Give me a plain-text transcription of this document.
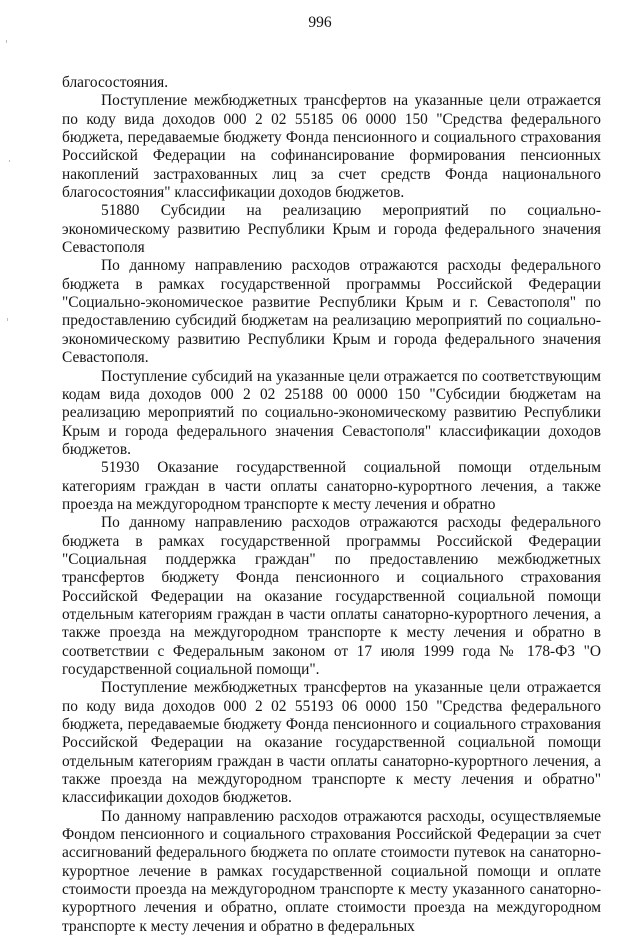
996

благосостояния.

Поступление межбюджетных трансфертов на указанные цели отражается по коду вида доходов 000 2 02 55185 06 0000 150 "Средства федерального бюджета, передаваемые бюджету Фонда пенсионного и социального страхования Российской Федерации на софинансирование формирования пенсионных накоплений застрахованных лиц за счет средств Фонда национального благосостояния" классификации доходов бюджетов.

51880 Субсидии на реализацию мероприятий по социально-экономическому развитию Республики Крым и города федерального значения Севастополя

По данному направлению расходов отражаются расходы федерального бюджета в рамках государственной программы Российской Федерации "Социально-экономическое развитие Республики Крым и г. Севастополя" по предоставлению субсидий бюджетам на реализацию мероприятий по социально-экономическому развитию Республики Крым и города федерального значения Севастополя.

Поступление субсидий на указанные цели отражается по соответствующим кодам вида доходов 000 2 02 25188 00 0000 150 "Субсидии бюджетам на реализацию мероприятий по социально-экономическому развитию Республики Крым и города федерального значения Севастополя" классификации доходов бюджетов.

51930 Оказание государственной социальной помощи отдельным категориям граждан в части оплаты санаторно-курортного лечения, а также проезда на междугородном транспорте к месту лечения и обратно

По данному направлению расходов отражаются расходы федерального бюджета в рамках государственной программы Российской Федерации "Социальная поддержка граждан" по предоставлению межбюджетных трансфертов бюджету Фонда пенсионного и социального страхования Российской Федерации на оказание государственной социальной помощи отдельным категориям граждан в части оплаты санаторно-курортного лечения, а также проезда на междугородном транспорте к месту лечения и обратно в соответствии с Федеральным законом от 17 июля 1999 года № 178-ФЗ "О государственной социальной помощи".

Поступление межбюджетных трансфертов на указанные цели отражается по коду вида доходов 000 2 02 55193 06 0000 150 "Средства федерального бюджета, передаваемые бюджету Фонда пенсионного и социального страхования Российской Федерации на оказание государственной социальной помощи отдельным категориям граждан в части оплаты санаторно-курортного лечения, а также проезда на междугородном транспорте к месту лечения и обратно" классификации доходов бюджетов.

По данному направлению расходов отражаются расходы, осуществляемые Фондом пенсионного и социального страхования Российской Федерации за счет ассигнований федерального бюджета по оплате стоимости путевок на санаторно-курортное лечение в рамках государственной социальной помощи и оплате стоимости проезда на междугородном транспорте к месту указанного санаторно-курортного лечения и обратно, оплате стоимости проезда на междугородном транспорте к месту лечения и обратно в федеральных
